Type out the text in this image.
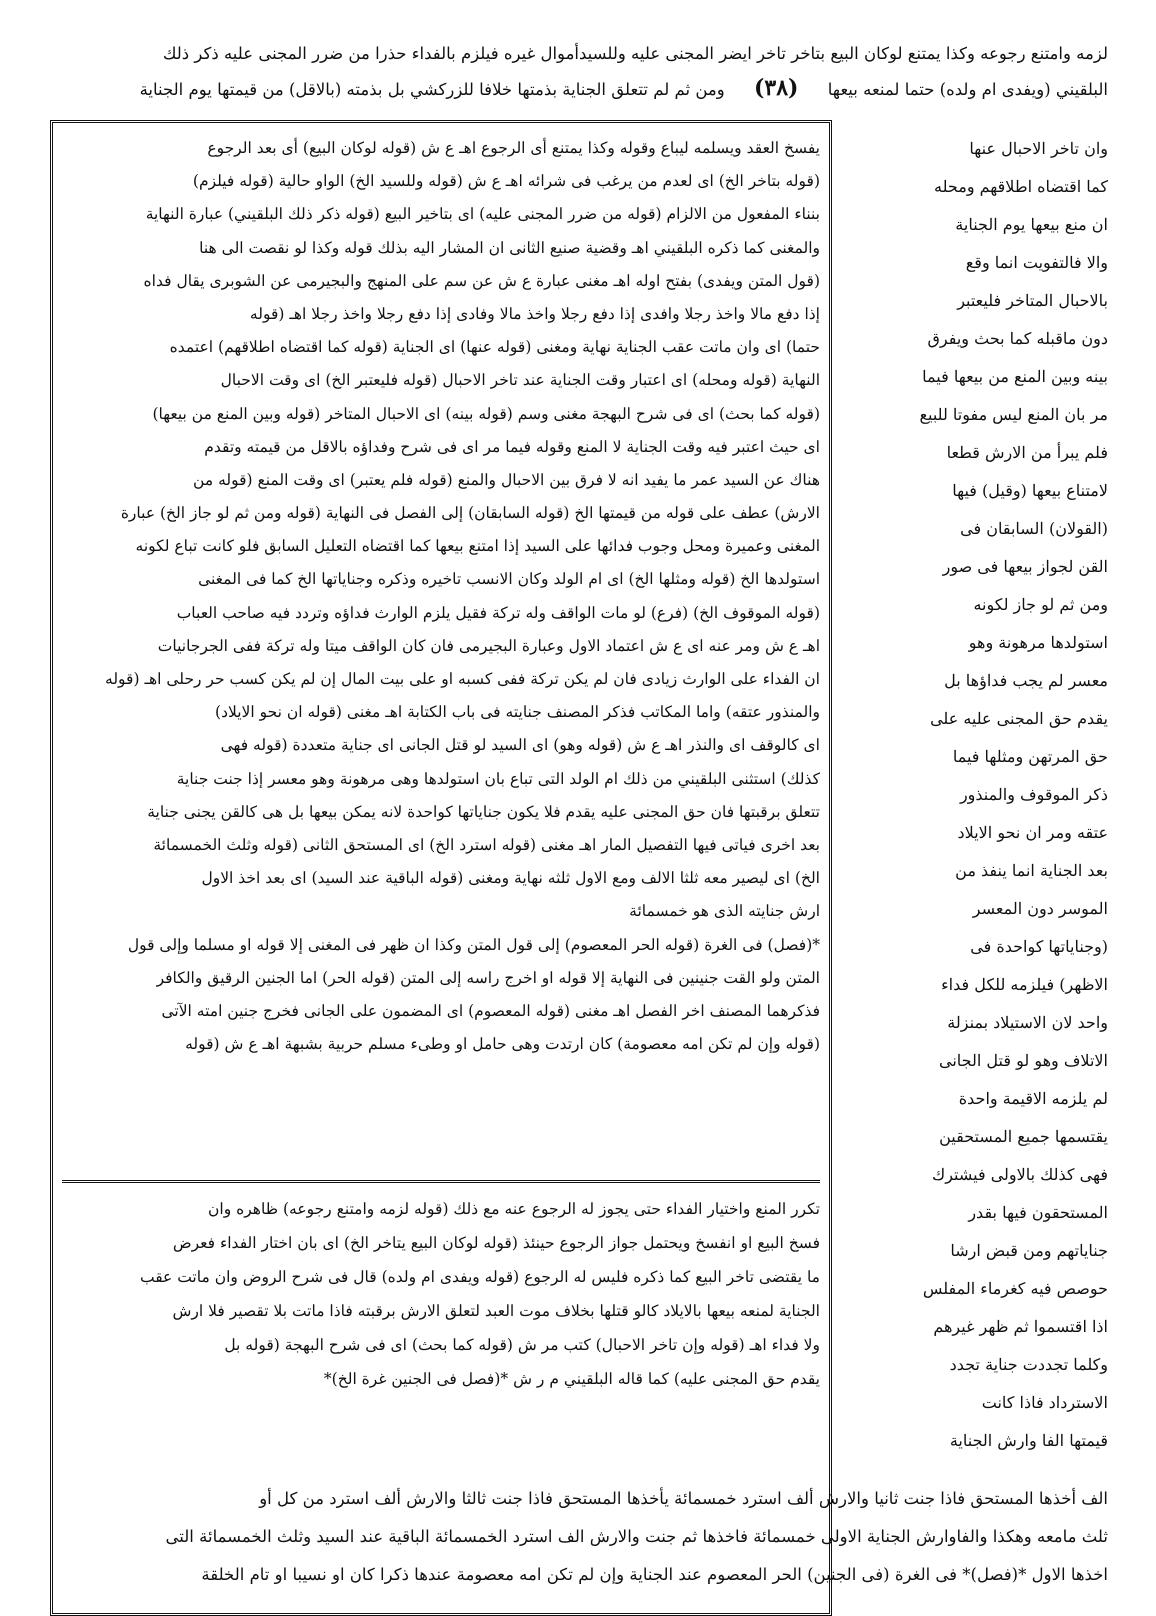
لزمه وامتنع رجوعه وكذا يمتنع لوكان البيع بتاخر تاخر ايضر المجنى عليه وللسيدأموال غيره فيلزم بالفداء حذرا من ضرر المجنى عليه ذكر ذلك
البلقيني (ويفدى ام ولده) حتما لمنعه بيعها (٣٨) ومن ثم لم تتعلق الجناية بذمتها خلافا للزركشي بل بذمته (بالاقل) من قيمتها يوم الجناية
يفسخ العقد ويسلمه ليباع وقوله وكذا يمتنع أى الرجوع اهـ ع ش (قوله لوكان البيع) أى بعد الرجوع
(قوله بتاخر الخ) اى لعدم من يرغب فى شرائه اهـ ع ش (قوله وللسيد الخ) الواو حالية (قوله فيلزم)
بنناء المفعول من الالزام (قوله من ضرر المجنى عليه) اى بتاخير البيع (قوله ذكر ذلك البلقيني) عبارة النهاية
والمغنى كما ذكره البلقيني اهـ وقضية صنيع الثانى ان المشار اليه بذلك قوله وكذا لو نقصت الى هنا
(قول المتن ويفدى) بفتح اوله اهـ مغنى عبارة ع ش عن سم على المنهج والبجيرمى عن الشوبرى يقال فداه
إذا دفع مالا واخذ رجلا وافدى إذا دفع رجلا واخذ مالا وفادى إذا دفع رجلا واخذ رجلا اهـ (قوله
حتما) اى وان ماتت عقب الجناية نهاية ومغنى (قوله عنها) اى الجناية (قوله كما اقتضاه اطلاقهم) اعتمده
النهاية (قوله ومحله) اى اعتبار وقت الجناية عند تاخر الاحبال (قوله فليعتبر الخ) اى وقت الاحبال
(قوله كما بحث) اى فى شرح البهجة مغنى وسم (قوله بينه) اى الاحبال المتاخر (قوله وبين المنع من بيعها)
اى حيث اعتبر فيه وقت الجناية لا المنع وقوله فيما مر اى فى شرح وفداؤه بالاقل من قيمته وتقدم
هناك عن السيد عمر ما يفيد انه لا فرق بين الاحبال والمنع (قوله فلم يعتبر) اى وقت المنع (قوله من
الارش) عطف على قوله من قيمتها الخ (قوله السابقان) إلى الفصل فى النهاية (قوله ومن ثم لو جاز الخ) عبارة
المغنى وعميرة ومحل وجوب فدائها على السيد إذا امتنع بيعها كما اقتضاه التعليل السابق فلو كانت تباع لكونه
استولدها الخ (قوله ومثلها الخ) اى ام الولد وكان الانسب تاخيره وذكره وجناياتها الخ كما فى المغنى
(قوله الموقوف الخ) (فرع) لو مات الواقف وله تركة فقيل يلزم الوارث فداؤه وتردد فيه صاحب العباب
اهـ ع ش ومر عنه اى ع ش اعتماد الاول وعبارة البجيرمى فان كان الواقف ميتا وله تركة ففى الجرجانيات
ان الفداء على الوارث زيادى فان لم يكن تركة ففى كسبه او على بيت المال إن لم يكن كسب حر رحلى اهـ (قوله
والمنذور عتقه) واما المكاتب فذكر المصنف جنايته فى باب الكتابة اهـ مغنى (قوله ان نحو الايلاد)
اى كالوقف اى والنذر اهـ ع ش (قوله وهو) اى السيد لو قتل الجانى اى جناية متعددة (قوله فهى
كذلك) استثنى البلقيني من ذلك ام الولد التى تباع بان استولدها وهى مرهونة وهو معسر إذا جنت جناية
تتعلق برقبتها فان حق المجنى عليه يقدم فلا يكون جناياتها كواحدة لانه يمكن بيعها بل هى كالقن يجنى جناية
بعد اخرى فياتى فيها التفصيل المار اهـ مغنى (قوله استرد الخ) اى المستحق الثانى (قوله وثلث الخمسمائة
الخ) اى ليصير معه ثلثا الالف ومع الاول ثلثه نهاية ومغنى (قوله الباقية عند السيد) اى بعد اخذ الاول
ارش جنايته الذى هو خمسمائة
*(فصل) فى الغرة (قوله الحر المعصوم) إلى قول المتن وكذا ان ظهر فى المغنى إلا قوله او مسلما وإلى قول
المتن ولو القت جنينين فى النهاية إلا قوله او اخرج راسه إلى المتن (قوله الحر) اما الجنين الرقيق والكافر
فذكرهما المصنف اخر الفصل اهـ مغنى (قوله المعصوم) اى المضمون على الجانى فخرج جنين امته الآتى
(قوله وإن لم تكن امه معصومة) كان ارتدت وهى حامل او وطىء مسلم حربية بشبهة اهـ ع ش (قوله
تكرر المنع واختيار الفداء حتى يجوز له الرجوع عنه مع ذلك (قوله لزمه وامتنع رجوعه) ظاهره وان
فسخ البيع او انفسخ ويحتمل جواز الرجوع حينئذ (قوله لوكان البيع يتاخر الخ) اى بان اختار الفداء فعرض
ما يقتضى تاخر البيع كما ذكره فليس له الرجوع (قوله ويفدى ام ولده) قال فى شرح الروض وان ماتت عقب
الجناية لمنعه بيعها بالايلاد كالو قتلها بخلاف موت العبد لتعلق الارش برقبته فاذا ماتت بلا تقصير فلا ارش
ولا فداء اهـ (قوله وإن تاخر الاحبال) كتب مر ش (قوله كما بحث) اى فى شرح البهجة (قوله بل
يقدم حق المجنى عليه) كما قاله البلقيني م ر ش *(فصل فى الجنين غرة الخ)*
وان تاخر الاحبال عنها
كما اقتضاه اطلاقهم ومحله
ان منع بيعها يوم الجناية
والا فالتفويت انما وقع
بالاحبال المتاخر فليعتبر
دون ماقبله كما بحث ويفرق
بينه وبين المنع من بيعها فيما
مر بان المنع ليس مفوتا للبيع
فلم يبرأ من الارش قطعا
لامتناع بيعها (وقيل) فيها
(القولان) السابقان فى
القن لجواز بيعها فى صور
ومن ثم لو جاز لكونه
استولدها مرهونة وهو
معسر لم يجب فداؤها بل
يقدم حق المجنى عليه على
حق المرتهن ومثلها فيما
ذكر الموقوف والمنذور
عتقه ومر ان نحو الايلاد
بعد الجناية انما ينفذ من
الموسر دون المعسر
(وجناياتها كواحدة فى
الاظهر) فيلزمه للكل فداء
واحد لان الاستيلاد بمنزلة
الاتلاف وهو لو قتل الجانى
لم يلزمه الاقيمة واحدة
يقتسمها جميع المستحقين
فهى كذلك بالاولى فيشترك
المستحقون فيها بقدر
جناياتهم ومن قبض ارشا
حوصص فيه كغرماء المفلس
اذا اقتسموا ثم ظهر غيرهم
وكلما تجددت جناية تجدد
الاسترداد فاذا كانت
قيمتها الفا وارش الجناية
الف أخذها المستحق فاذا جنت ثانيا والارش ألف استرد خمسمائة يأخذها المستحق فاذا جنت ثالثا والارش ألف استرد من كل أو
ثلث مامعه وهكذا والفاوارش الجناية الاولى خمسمائة فاخذها ثم جنت والارش الف استرد الخمسمائة الباقية عند السيد وثلث الخمسمائة التى
اخذها الاول *(فصل)* فى الغرة (فى الجنين) الحر المعصوم عند الجناية وإن لم تكن امه معصومة عندها ذكرا كان او نسيبا او تام الخلقة
